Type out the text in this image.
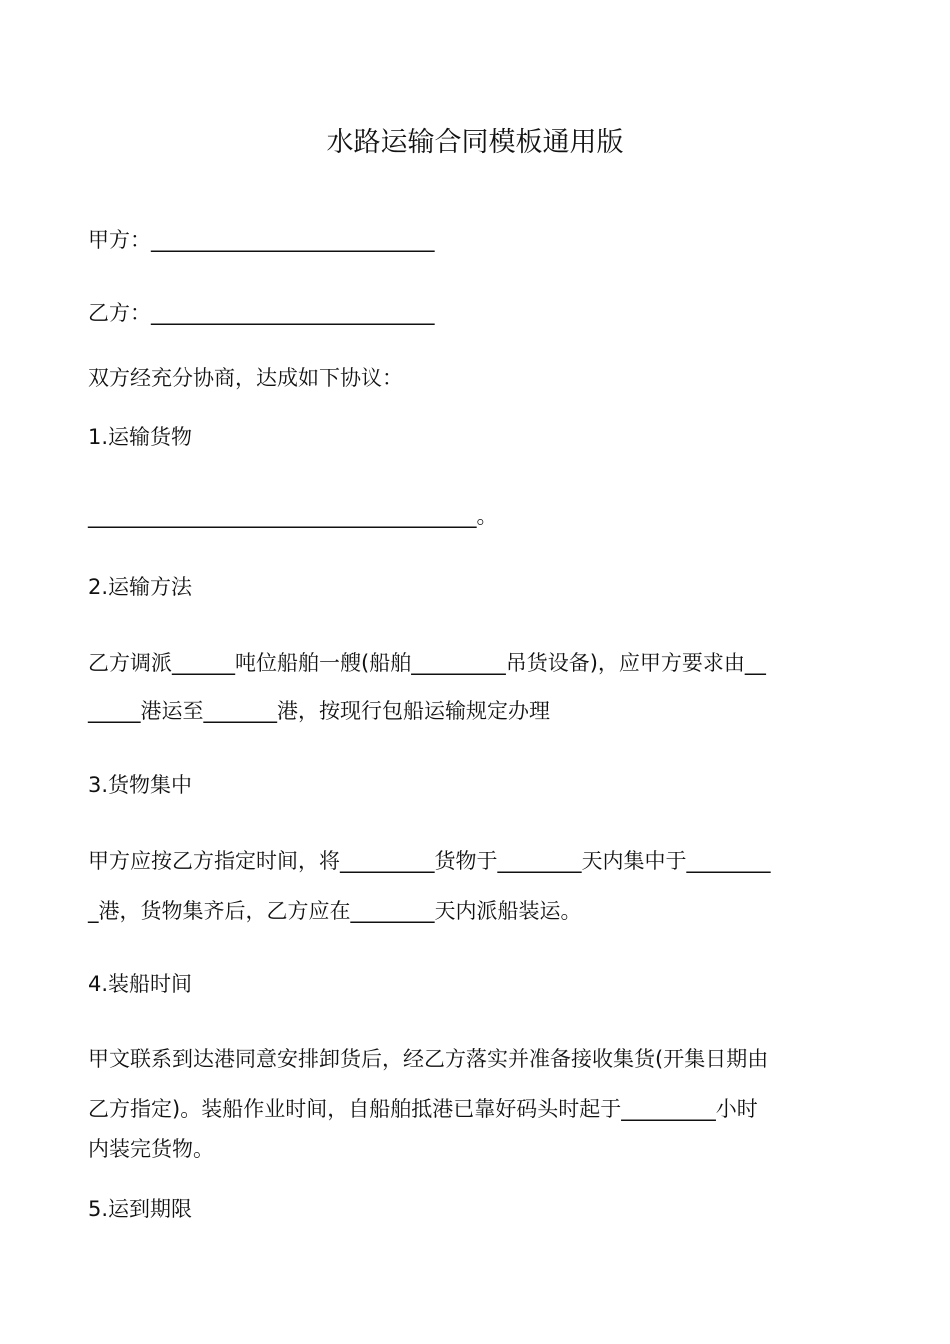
水路运输合同模板通用版

甲方：___________________________

乙方：___________________________

双方经充分协商，达成如下协议：

1.运输货物

_____________________________________。

2.运输方法

乙方调派______吨位船舶一艘(船舶_________吊货设备)，应甲方要求由__

_____港运至_______港，按现行包船运输规定办理

3.货物集中

甲方应按乙方指定时间，将_________货物于________天内集中于________

_港，货物集齐后，乙方应在________天内派船装运。

4.装船时间

甲文联系到达港同意安排卸货后，经乙方落实并准备接收集货(开集日期由

乙方指定)。装船作业时间，自船舶抵港已靠好码头时起于_________小时

内装完货物。

5.运到期限
